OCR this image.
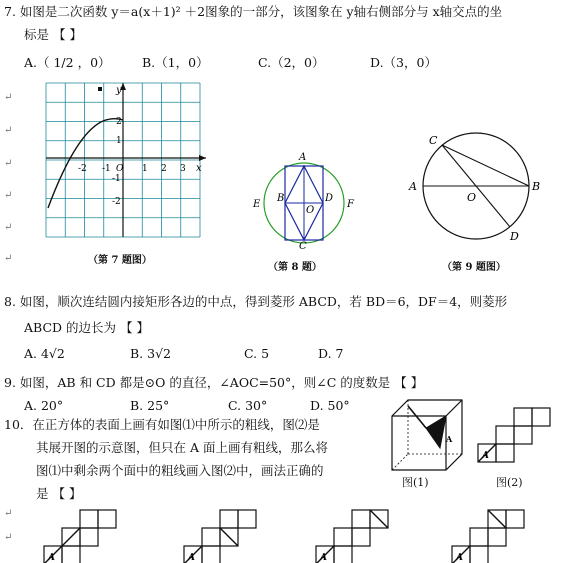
7. 如图是二次函数 y＝a(x＋1)² ＋2图象的一部分，该图象在 y轴右侧部分与 x轴交点的坐
标是 【 】
A.（ 1/2 ，0）	B.（1，0）	C.（2，0）	D.（3，0）
↵
↵
↵
↵
↵
↵
y
x
2
1
-1
-2
-2 -1 O 1 2 3
（第 7 题图）
A
B
C
D
E	F
O
（第 8 题）
A	B
C
D
O
（第 9 题图）
8. 如图，顺次连结圆内接矩形各边的中点，得到菱形 ABCD，若 BD＝6，DF＝4，则菱形
ABCD 的边长为 【 】
A. 4√2	B. 3√2	C. 5	D. 7
9. 如图，AB 和 CD 都是⊙O 的直径，∠AOC=50°，则∠C 的度数是 【 】
A. 20°	B. 25°	C. 30°	D. 50°
10．在正方体的表面上画有如图⑴中所示的粗线，图⑵是
其展开图的示意图，但只在 A 面上画有粗线，那么将
图⑴中剩余两个面中的粗线画入图⑵中，画法正确的
是 【 】
↵
↵
A
图(1)
A
图(2)
A	A	A	A
